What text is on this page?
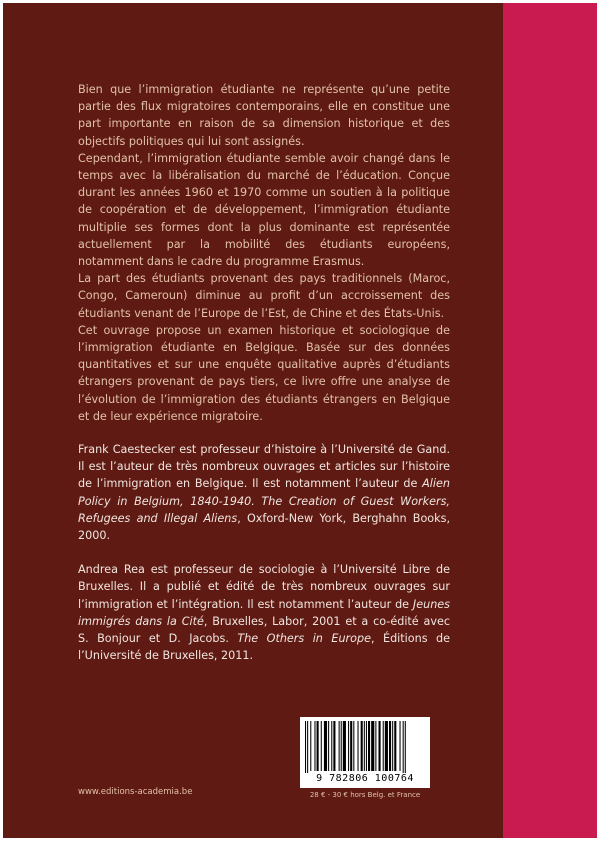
Bien que l’immigration étudiante ne représente qu’une petite partie des flux migratoires contemporains, elle en constitue une part importante en raison de sa dimension historique et des objectifs politiques qui lui sont assignés.

Cependant, l’immigration étudiante semble avoir changé dans le temps avec la libéralisation du marché de l’éducation. Conçue durant les années 1960 et 1970 comme un soutien à la politique de coopération et de développement, l’immigration étudiante multiplie ses formes dont la plus dominante est représentée actuellement par la mobilité des étudiants européens, notamment dans le cadre du programme Erasmus.

La part des étudiants provenant des pays traditionnels (Maroc, Congo, Cameroun) diminue au profit d’un accroissement des étudiants venant de l’Europe de l’Est, de Chine et des États-Unis.

Cet ouvrage propose un examen historique et sociologique de l’immigration étudiante en Belgique. Basée sur des données quantitatives et sur une enquête qualitative auprès d’étudiants étrangers provenant de pays tiers, ce livre offre une analyse de l’évolution de l’immigration des étudiants étrangers en Belgique et de leur expérience migratoire.

Frank Caestecker est professeur d’histoire à l’Université de Gand. Il est l’auteur de très nombreux ouvrages et articles sur l’histoire de l’immigration en Belgique. Il est notamment l’auteur de Alien Policy in Belgium, 1840-1940. The Creation of Guest Workers, Refugees and Illegal Aliens, Oxford-New York, Berghahn Books, 2000.

Andrea Rea est professeur de sociologie à l’Université Libre de Bruxelles. Il a publié et édité de très nombreux ouvrages sur l’immigration et l’intégration. Il est notamment l’auteur de Jeunes immigrés dans la Cité, Bruxelles, Labor, 2001 et a co-édité avec S. Bonjour et D. Jacobs. The Others in Europe, Éditions de l’Université de Bruxelles, 2011.

9 782806 100764
www.editions-academia.be	28 € - 30 € hors Belg. et France
